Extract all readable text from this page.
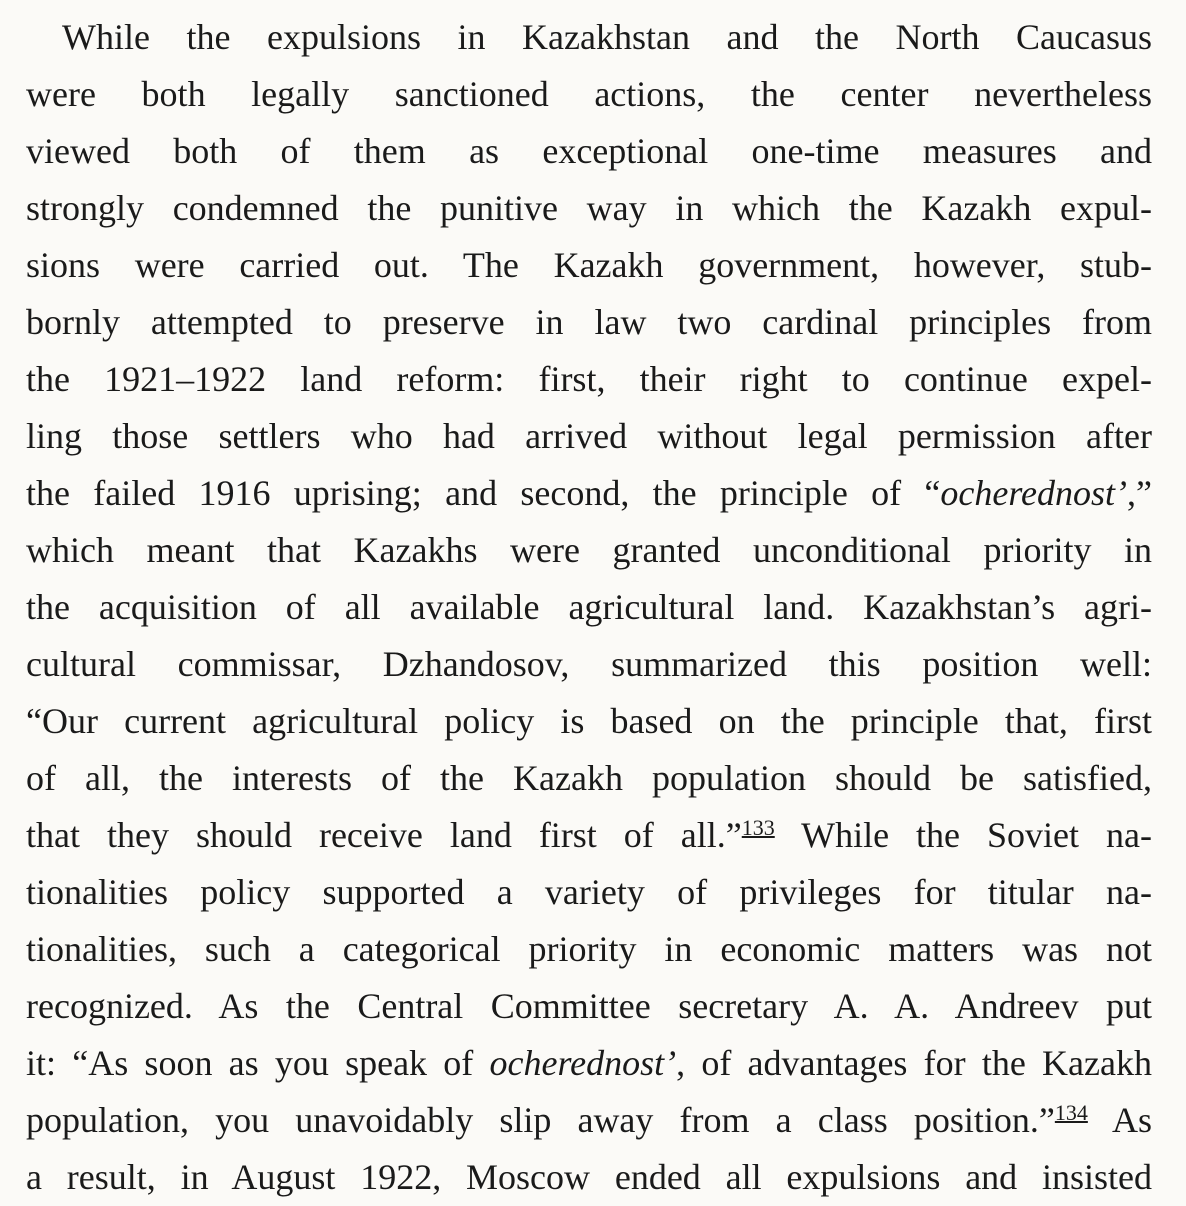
While the expulsions in Kazakhstan and the North Caucasus
were both legally sanctioned actions, the center nevertheless
viewed both of them as exceptional one-time measures and
strongly condemned the punitive way in which the Kazakh expul-
sions were carried out. The Kazakh government, however, stub-
bornly attempted to preserve in law two cardinal principles from
the 1921–1922 land reform: first, their right to continue expel-
ling those settlers who had arrived without legal permission after
the failed 1916 uprising; and second, the principle of “ocherednost’,”
which meant that Kazakhs were granted unconditional priority in
the acquisition of all available agricultural land. Kazakhstan’s agri-
cultural commissar, Dzhandosov, summarized this position well:
“Our current agricultural policy is based on the principle that, first
of all, the interests of the Kazakh population should be satisfied,
that they should receive land first of all.”$^{133}$ While the Soviet na-
tionalities policy supported a variety of privileges for titular na-
tionalities, such a categorical priority in economic matters was not
recognized. As the Central Committee secretary A. A. Andreev put
it: “As soon as you speak of ocherednost’, of advantages for the Kazakh
population, you unavoidably slip away from a class position.”$^{134}$ As
a result, in August 1922, Moscow ended all expulsions and insisted
